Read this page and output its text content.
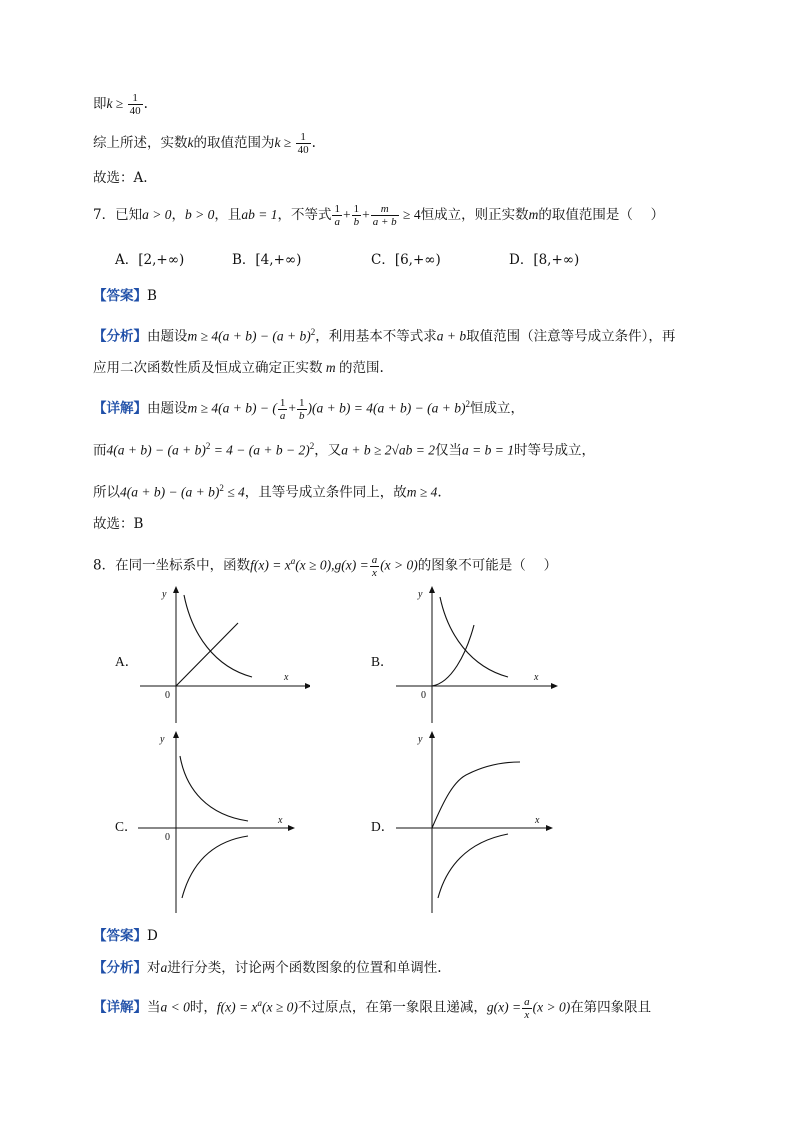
即$k \ge \frac{1}{40}$ .
综上所述，实数k的取值范围为$k \ge \frac{1}{40}$ .
故选：A.
7．已知a > 0，b > 0，且ab = 1，不等式 $\frac{1}{a} + \frac{1}{b} + \frac{m}{a + b} \ge 4$恒成立，则正实数m的取值范围是（　 ）
A．[2,+∞)	B．[4,+∞)	C．[6,+∞)	D．[8,+∞)
【答案】B
【分析】由题设$m \ge 4(a + b) - (a + b)^2$，利用基本不等式求a + b取值范围（注意等号成立条件），再
应用二次函数性质及恒成立确定正实数 m 的范围.
【详解】由题设m ≥ 4(a + b) − ( $\frac{1}{a} + \frac{1}{b} )(a + b) = 4(a + b) - (a + b)^2$恒成立，
而$4(a + b) - (a + b)^2 = 4 - (a + b - 2)^2$，又a + b ≥ 2√ab = 2仅当a = b = 1时等号成立，
所以$4(a + b) - (a + b)^2 \le 4$，且等号成立条件同上，故m ≥ 4.
故选：B
8．在同一坐标系中，函数$f(x) = x^a(x \ge 0),g(x) = \frac{a}{x} (x > 0)$的图象不可能是（　 ）
A．	B．
C．	D．
x
y
0
x
y
0
x
y
0
x
y
【答案】D
【分析】对a进行分类，讨论两个函数图象的位置和单调性.
【详解】当a < 0时，$f(x) = x^a(x \ge 0)$不过原点，在第一象限且递减，$g(x) = \frac{a}{x} (x > 0)$在第四象限且
